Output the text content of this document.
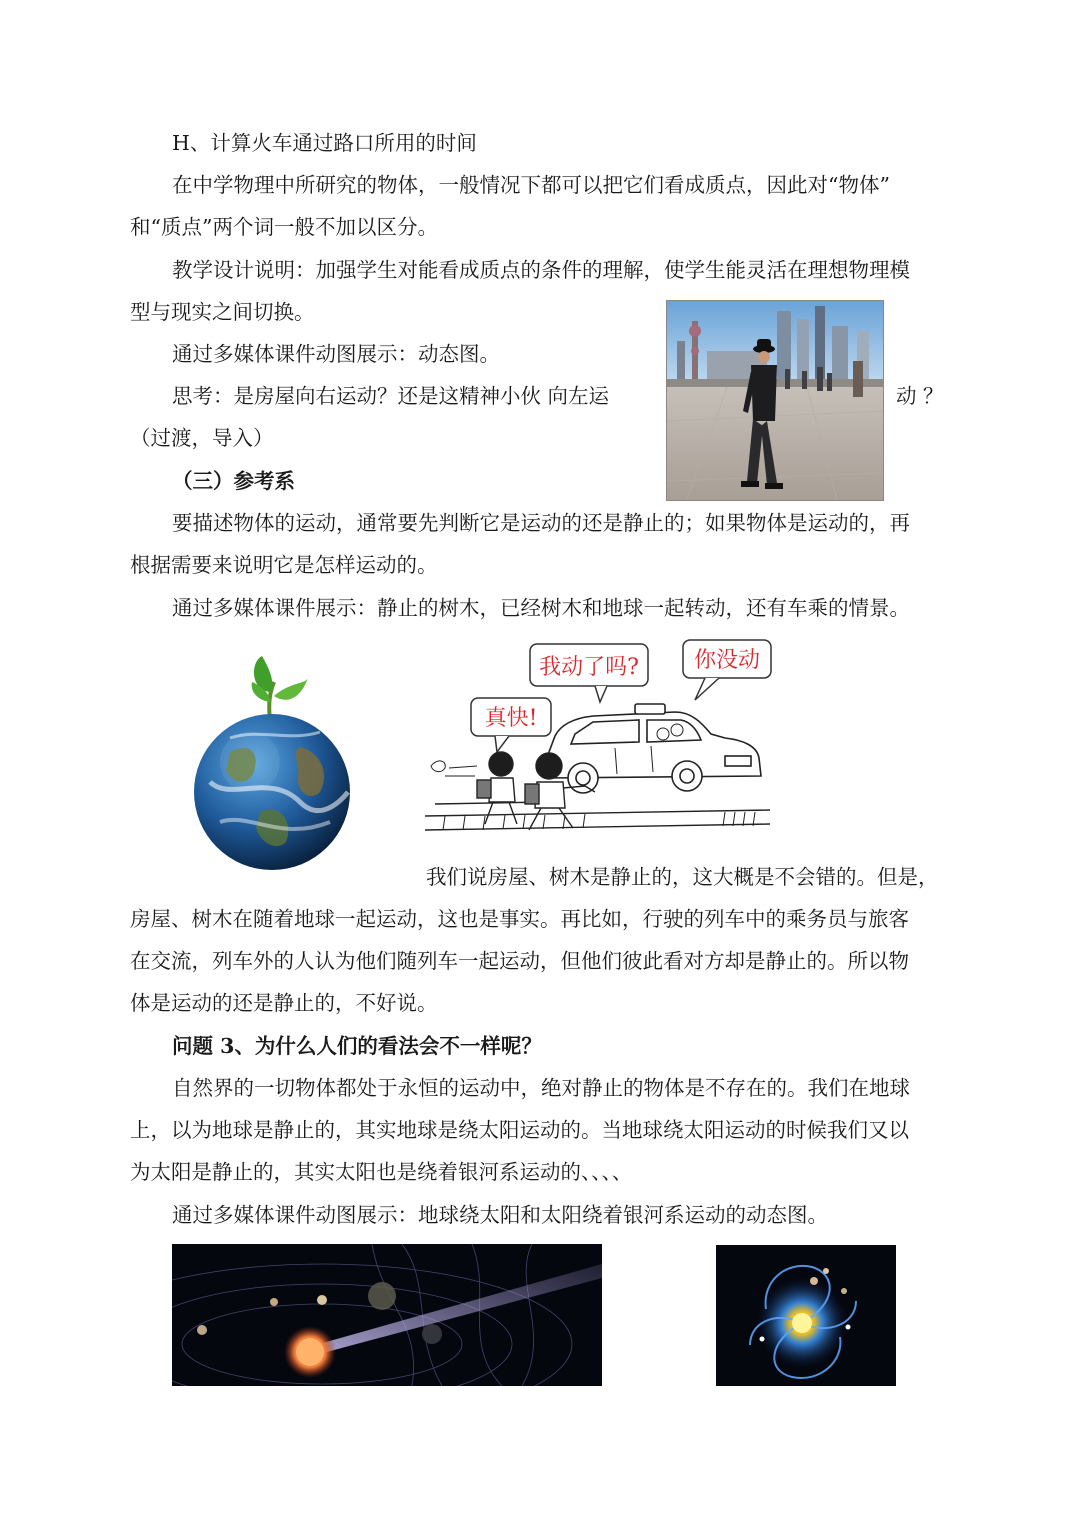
H、计算火车通过路口所用的时间
在中学物理中所研究的物体，一般情况下都可以把它们看成质点，因此对“物体”
和“质点”两个词一般不加以区分。
教学设计说明：加强学生对能看成质点的条件的理解，使学生能灵活在理想物理模
型与现实之间切换。
通过多媒体课件动图展示：动态图。
思考：是房屋向右运动？还是这精神小伙 向左运	动 ？
（过渡，导入）
（三）参考系
要描述物体的运动，通常要先判断它是运动的还是静止的；如果物体是运动的，再
根据需要来说明它是怎样运动的。
通过多媒体课件展示：静止的树木，已经树木和地球一起转动，还有车乘的情景。
我们说房屋、树木是静止的，这大概是不会错的。但是，
房屋、树木在随着地球一起运动，这也是事实。再比如，行驶的列车中的乘务员与旅客
在交流，列车外的人认为他们随列车一起运动，但他们彼此看对方却是静止的。所以物
体是运动的还是静止的，不好说。
问题 3、为什么人们的看法会不一样呢？
自然界的一切物体都处于永恒的运动中，绝对静止的物体是不存在的。我们在地球
上，以为地球是静止的，其实地球是绕太阳运动的。当地球绕太阳运动的时候我们又以
为太阳是静止的，其实太阳也是绕着银河系运动的、、、、
通过多媒体课件动图展示：地球绕太阳和太阳绕着银河系运动的动态图。
我动了吗?	你没动
真快!
